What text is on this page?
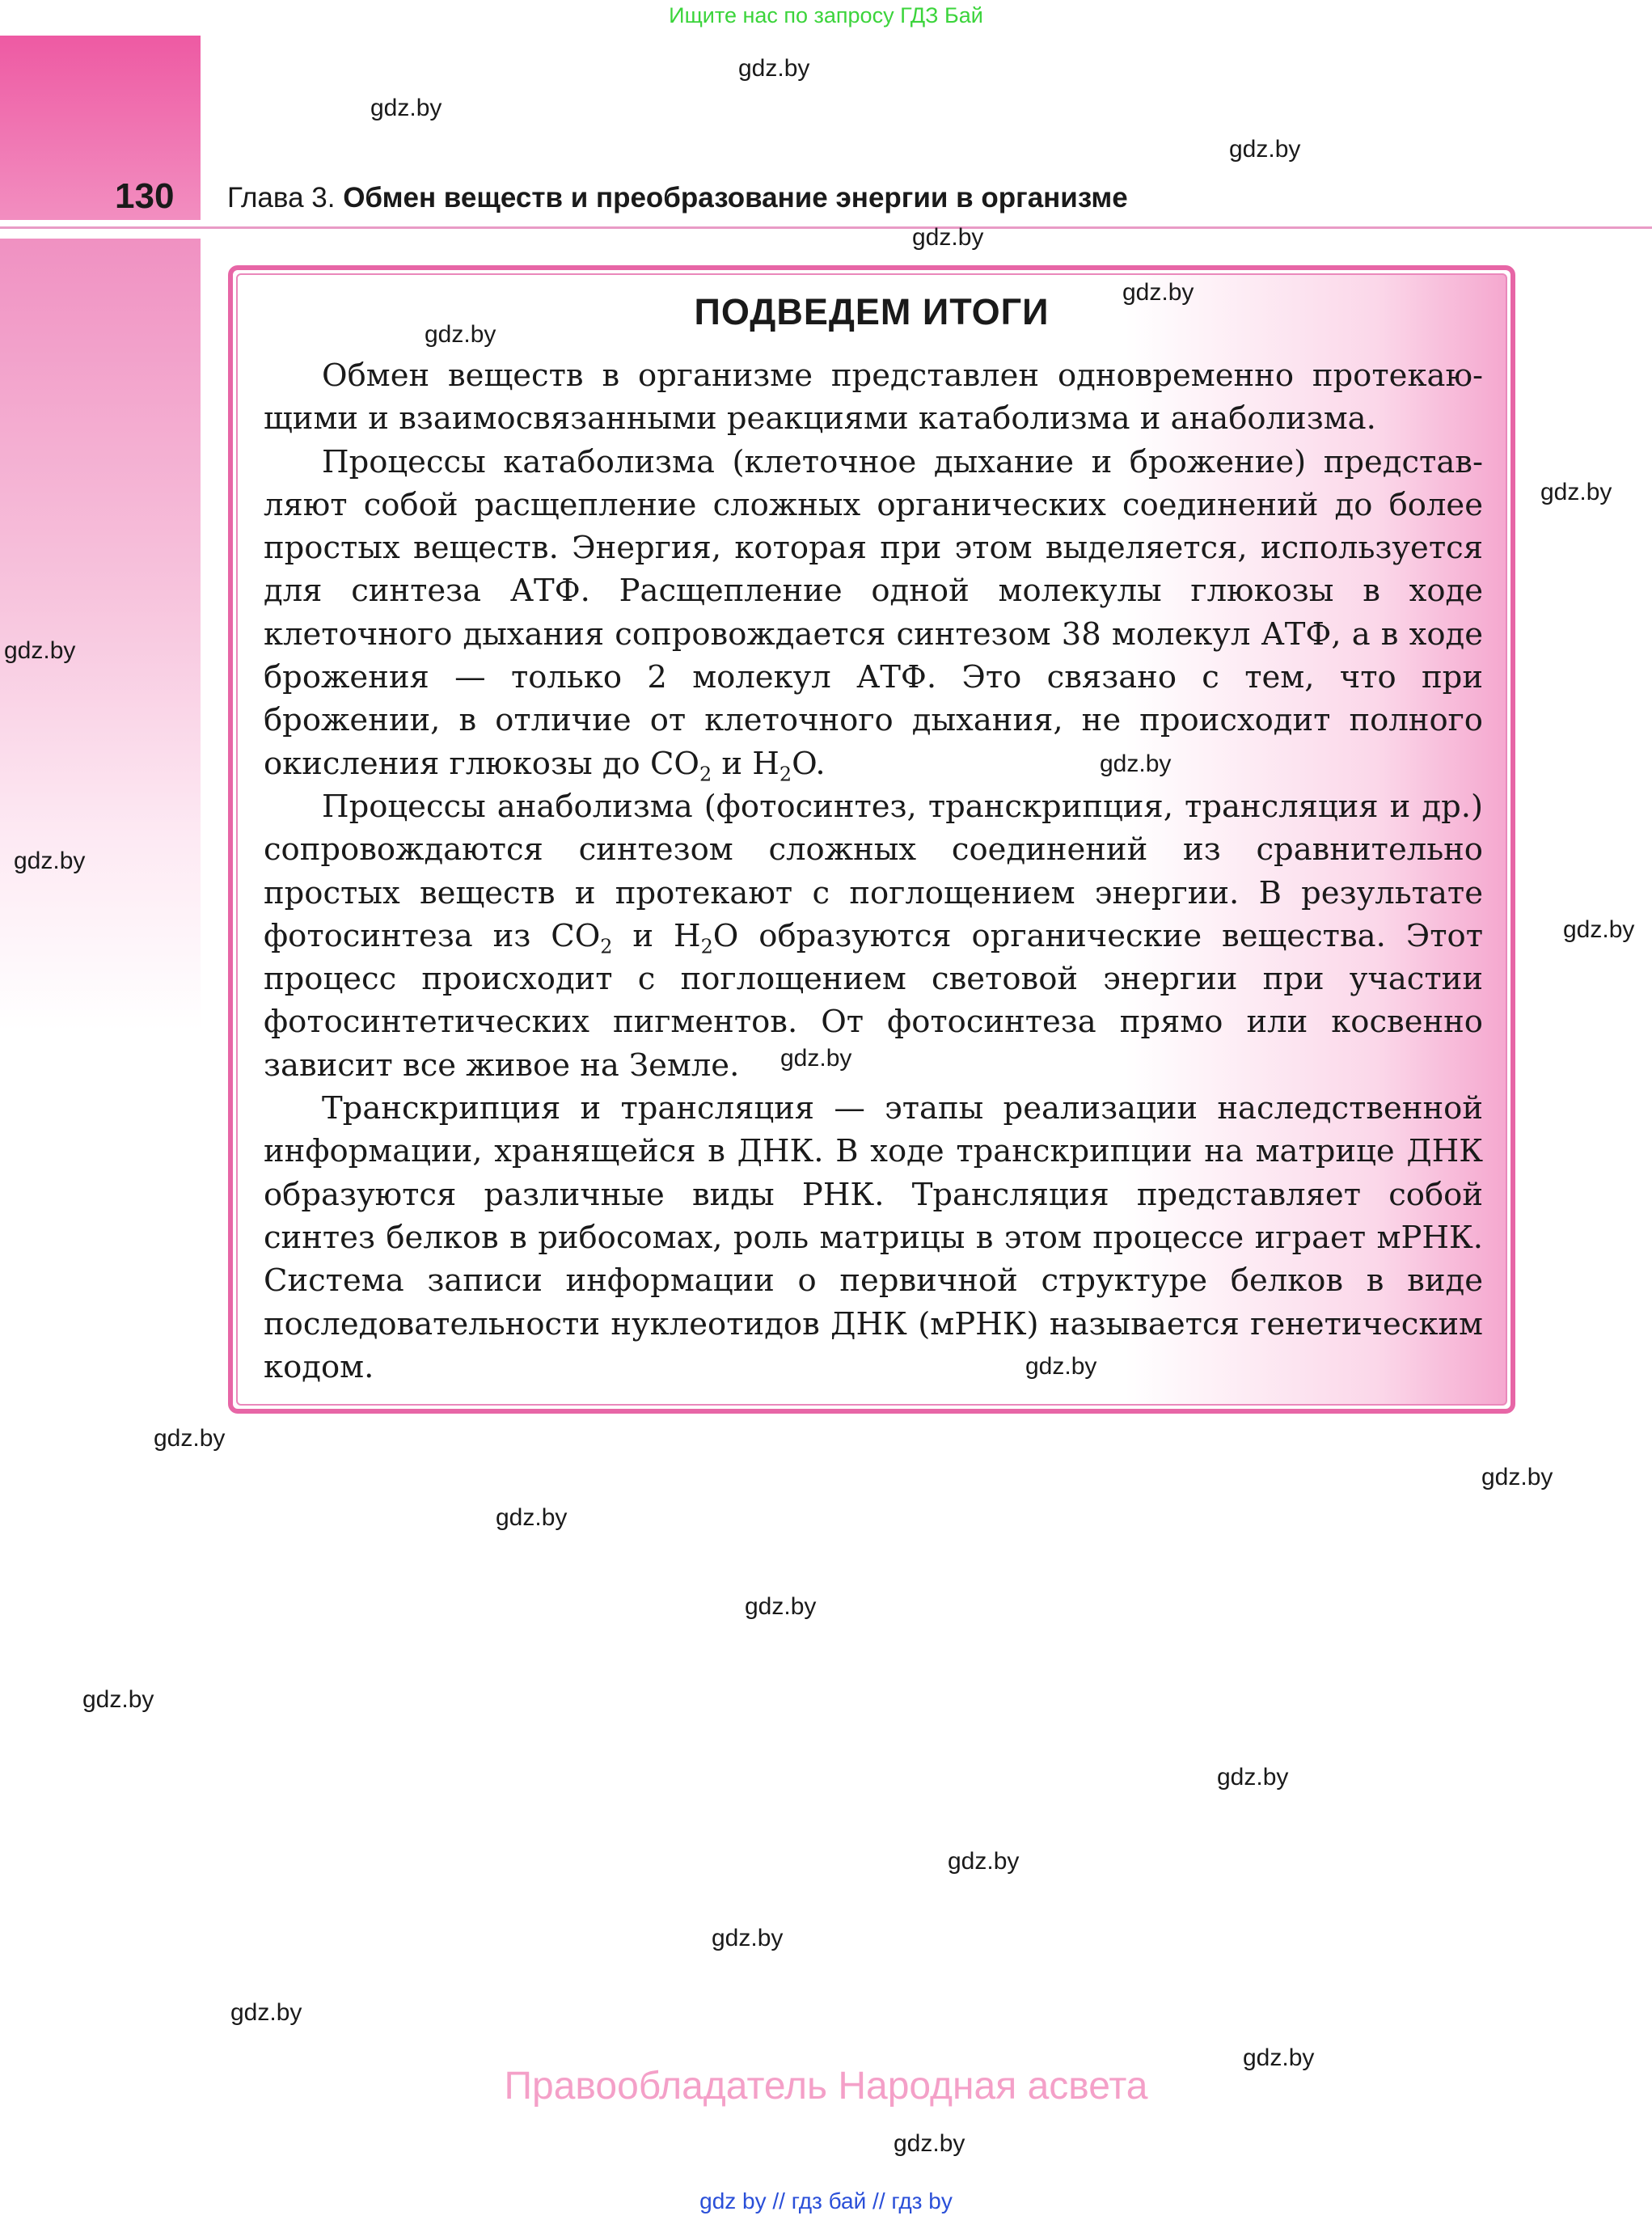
Ищите нас по запросу ГДЗ Бай
130 Глава 3. Обмен веществ и преобразование энергии в организме
ПОДВЕДЕМ ИТОГИ

Обмен веществ в организме представлен одновременно протекающими и взаимосвязанными реакциями катаболизма и анаболизма.

Процессы катаболизма (клеточное дыхание и брожение) представляют собой расщепление сложных органических соединений до более простых веществ. Энергия, которая при этом выделяется, используется для синтеза АТФ. Расщепление одной молекулы глюкозы в ходе клеточного дыхания сопровождается синтезом 38 молекул АТФ, а в ходе брожения — только 2 молекул АТФ. Это связано с тем, что при брожении, в отличие от клеточного дыхания, не происходит полного окисления глюкозы до $CO_2$ и $H_2O$.

Процессы анаболизма (фотосинтез, транскрипция, трансляция и др.) сопровождаются синтезом сложных соединений из сравнительно простых веществ и протекают с поглощением энергии. В результате фотосинтеза из $CO_2$ и $H_2O$ образуются органические вещества. Этот процесс происходит с поглощением световой энергии при участии фотосинтетических пигментов. От фотосинтеза прямо или косвенно зависит все живое на Земле.

Транскрипция и трансляция — этапы реализации наследственной информации, хранящейся в ДНК. В ходе транскрипции на матрице ДНК образуются различные виды РНК. Трансляция представляет собой синтез белков в рибосомах, роль матрицы в этом процессе играет мРНК. Система записи информации о первичной структуре белков в виде последовательности нуклеотидов ДНК (мРНК) называется генетическим кодом.

gdz.by
gdz.by
gdz.by
gdz.by
gdz.by
gdz.by
gdz.by
gdz.by
gdz.by
gdz.by
gdz.by
gdz.by
gdz.by
gdz.by
gdz.by
gdz.by
gdz.by
gdz.by
gdz.by
gdz.by
gdz.by
gdz.by
gdz.by
gdz.by
Правообладатель Народная асвета
gdz by // гдз бай // гдз by
